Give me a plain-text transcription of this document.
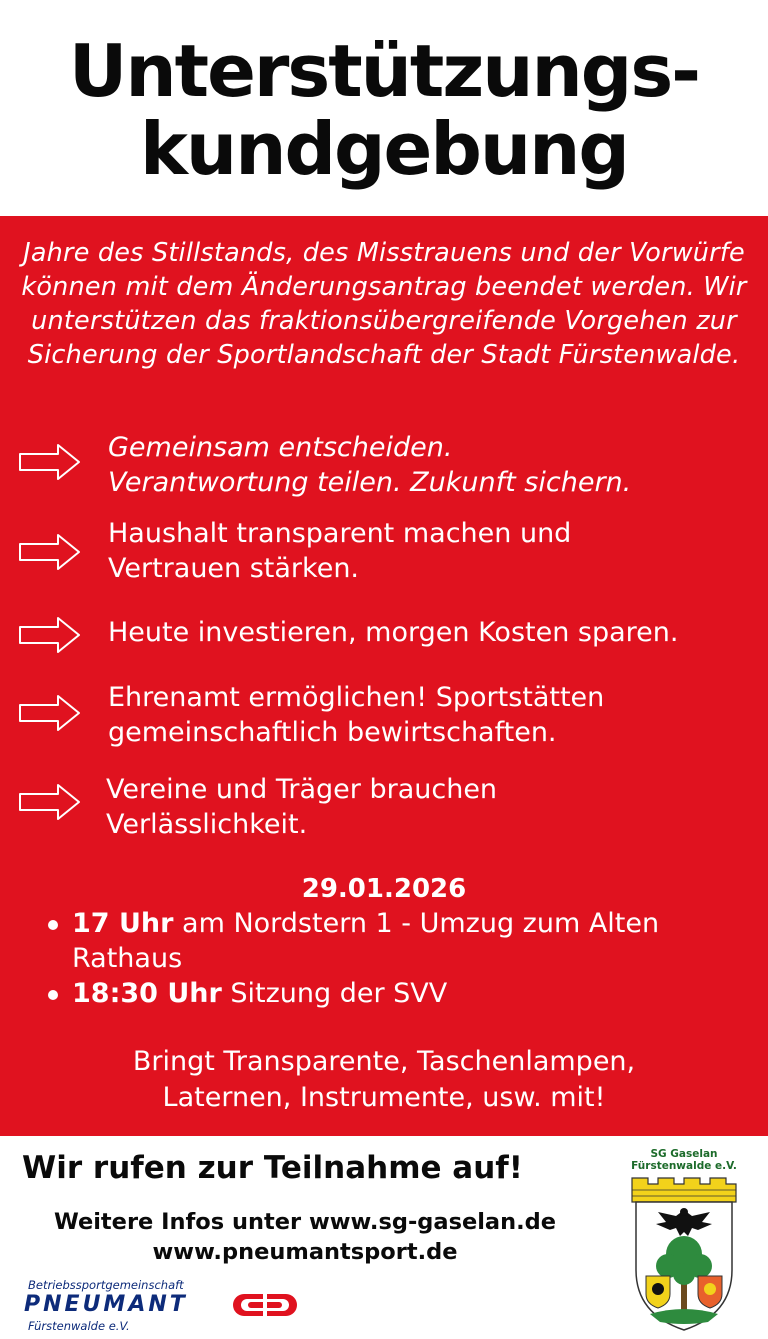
Unterstützungs-
kundgebung

Jahre des Stillstands, des Misstrauens und der Vorwürfe können mit dem Änderungsantrag beendet werden. Wir unterstützen das fraktionsübergreifende Vorgehen zur Sicherung der Sportlandschaft der Stadt Fürstenwalde.

Gemeinsam entscheiden.
Verantwortung teilen. Zukunft sichern.
Haushalt transparent machen und
Vertrauen stärken.
Heute investieren, morgen Kosten sparen.
Ehrenamt ermöglichen! Sportstätten
gemeinschaftlich bewirtschaften.
Vereine und Träger brauchen
Verlässlichkeit.
29.01.2026
17 Uhr am Nordstern 1 - Umzug zum Alten Rathaus
18:30 Uhr Sitzung der SVV
Bringt Transparente, Taschenlampen,
Laternen, Instrumente, usw. mit!
Wir rufen zur Teilnahme auf!
Weitere Infos unter www.sg-gaselan.de
www.pneumantsport.de
Betriebssportgemeinschaft
PNEUMANT
Fürstenwalde e.V.
SG Gaselan
Fürstenwalde e.V.
